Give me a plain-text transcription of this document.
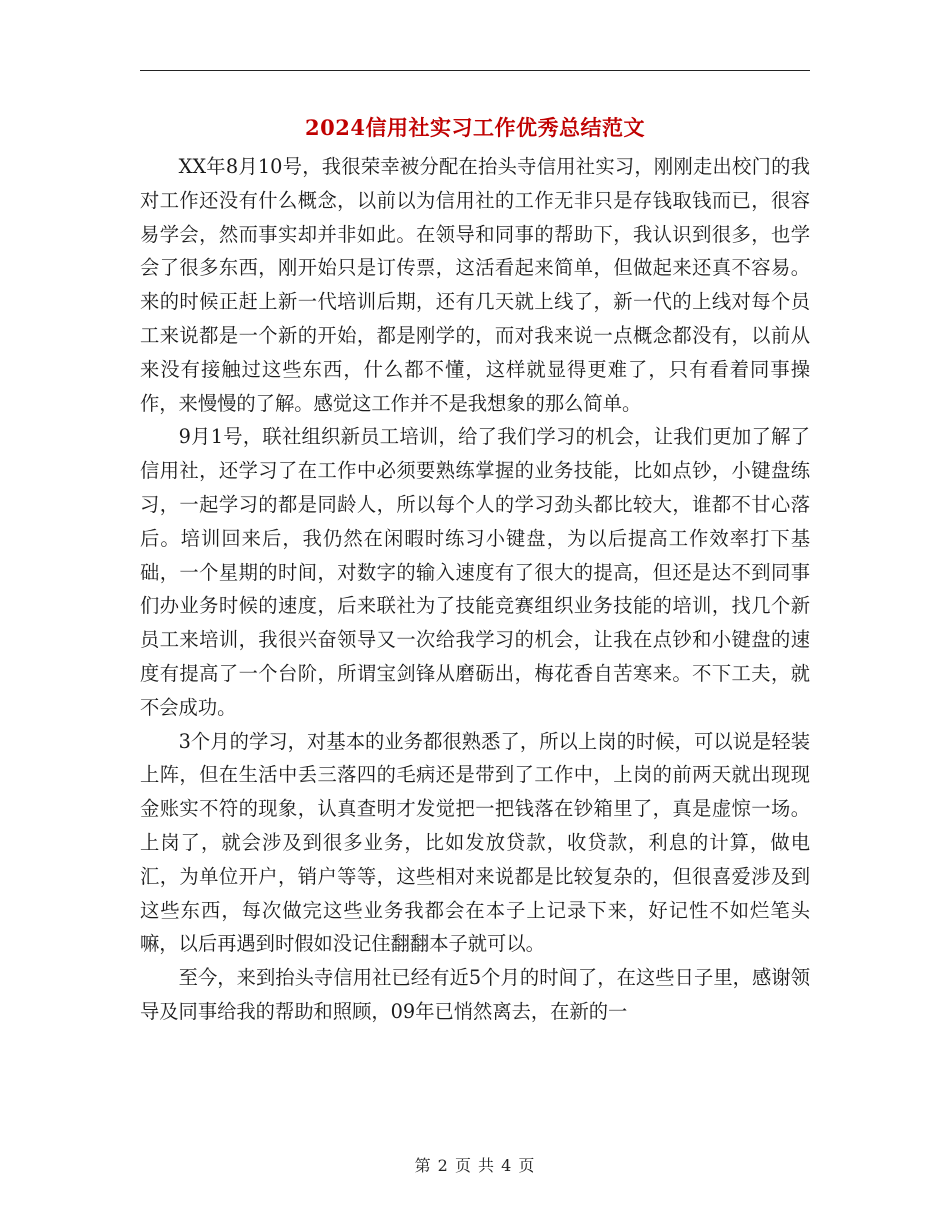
2024信用社实习工作优秀总结范文

XX年8月10号，我很荣幸被分配在抬头寺信用社实习，刚刚走出校门的我对工作还没有什么概念，以前以为信用社的工作无非只是存钱取钱而已，很容易学会，然而事实却并非如此。在领导和同事的帮助下，我认识到很多，也学会了很多东西，刚开始只是订传票，这活看起来简单，但做起来还真不容易。来的时候正赶上新一代培训后期，还有几天就上线了，新一代的上线对每个员工来说都是一个新的开始，都是刚学的，而对我来说一点概念都没有，以前从来没有接触过这些东西，什么都不懂，这样就显得更难了，只有看着同事操作，来慢慢的了解。感觉这工作并不是我想象的那么简单。

9月1号，联社组织新员工培训，给了我们学习的机会，让我们更加了解了信用社，还学习了在工作中必须要熟练掌握的业务技能，比如点钞，小键盘练习，一起学习的都是同龄人，所以每个人的学习劲头都比较大，谁都不甘心落后。培训回来后，我仍然在闲暇时练习小键盘，为以后提高工作效率打下基础，一个星期的时间，对数字的输入速度有了很大的提高，但还是达不到同事们办业务时候的速度，后来联社为了技能竞赛组织业务技能的培训，找几个新员工来培训，我很兴奋领导又一次给我学习的机会，让我在点钞和小键盘的速度有提高了一个台阶，所谓宝剑锋从磨砺出，梅花香自苦寒来。不下工夫，就不会成功。

3个月的学习，对基本的业务都很熟悉了，所以上岗的时候，可以说是轻装上阵，但在生活中丢三落四的毛病还是带到了工作中，上岗的前两天就出现现金账实不符的现象，认真查明才发觉把一把钱落在钞箱里了，真是虚惊一场。上岗了，就会涉及到很多业务，比如发放贷款，收贷款，利息的计算，做电汇，为单位开户，销户等等，这些相对来说都是比较复杂的，但很喜爱涉及到这些东西，每次做完这些业务我都会在本子上记录下来，好记性不如烂笔头嘛，以后再遇到时假如没记住翻翻本子就可以。

至今，来到抬头寺信用社已经有近5个月的时间了，在这些日子里，感谢领导及同事给我的帮助和照顾，09年已悄然离去，在新的一

第 2 页 共 4 页
